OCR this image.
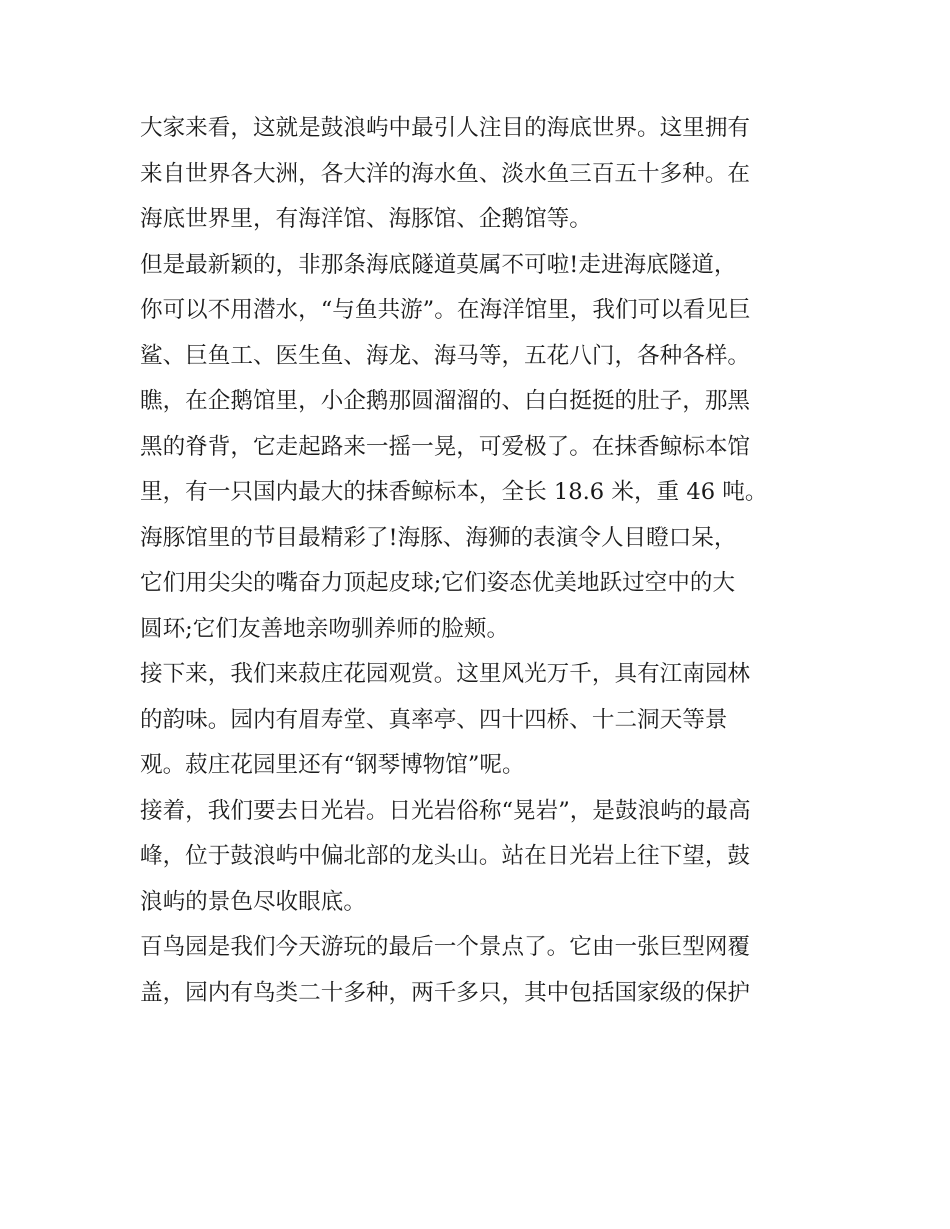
大家来看，这就是鼓浪屿中最引人注目的海底世界。这里拥有
来自世界各大洲，各大洋的海水鱼、淡水鱼三百五十多种。在
海底世界里，有海洋馆、海豚馆、企鹅馆等。
但是最新颖的，非那条海底隧道莫属不可啦!走进海底隧道，
你可以不用潜水，“与鱼共游”。在海洋馆里，我们可以看见巨
鲨、巨鱼工、医生鱼、海龙、海马等，五花八门，各种各样。
瞧，在企鹅馆里，小企鹅那圆溜溜的、白白挺挺的肚子，那黑
黑的脊背，它走起路来一摇一晃，可爱极了。在抹香鲸标本馆
里，有一只国内最大的抹香鲸标本，全长 18.6 米，重 46 吨。
海豚馆里的节目最精彩了!海豚、海狮的表演令人目瞪口呆，
它们用尖尖的嘴奋力顶起皮球;它们姿态优美地跃过空中的大
圆环;它们友善地亲吻驯养师的脸颊。
接下来，我们来菽庄花园观赏。这里风光万千，具有江南园林
的韵味。园内有眉寿堂、真率亭、四十四桥、十二洞天等景
观。菽庄花园里还有“钢琴博物馆”呢。
接着，我们要去日光岩。日光岩俗称“晃岩”，是鼓浪屿的最高
峰，位于鼓浪屿中偏北部的龙头山。站在日光岩上往下望，鼓
浪屿的景色尽收眼底。
百鸟园是我们今天游玩的最后一个景点了。它由一张巨型网覆
盖，园内有鸟类二十多种，两千多只，其中包括国家级的保护
